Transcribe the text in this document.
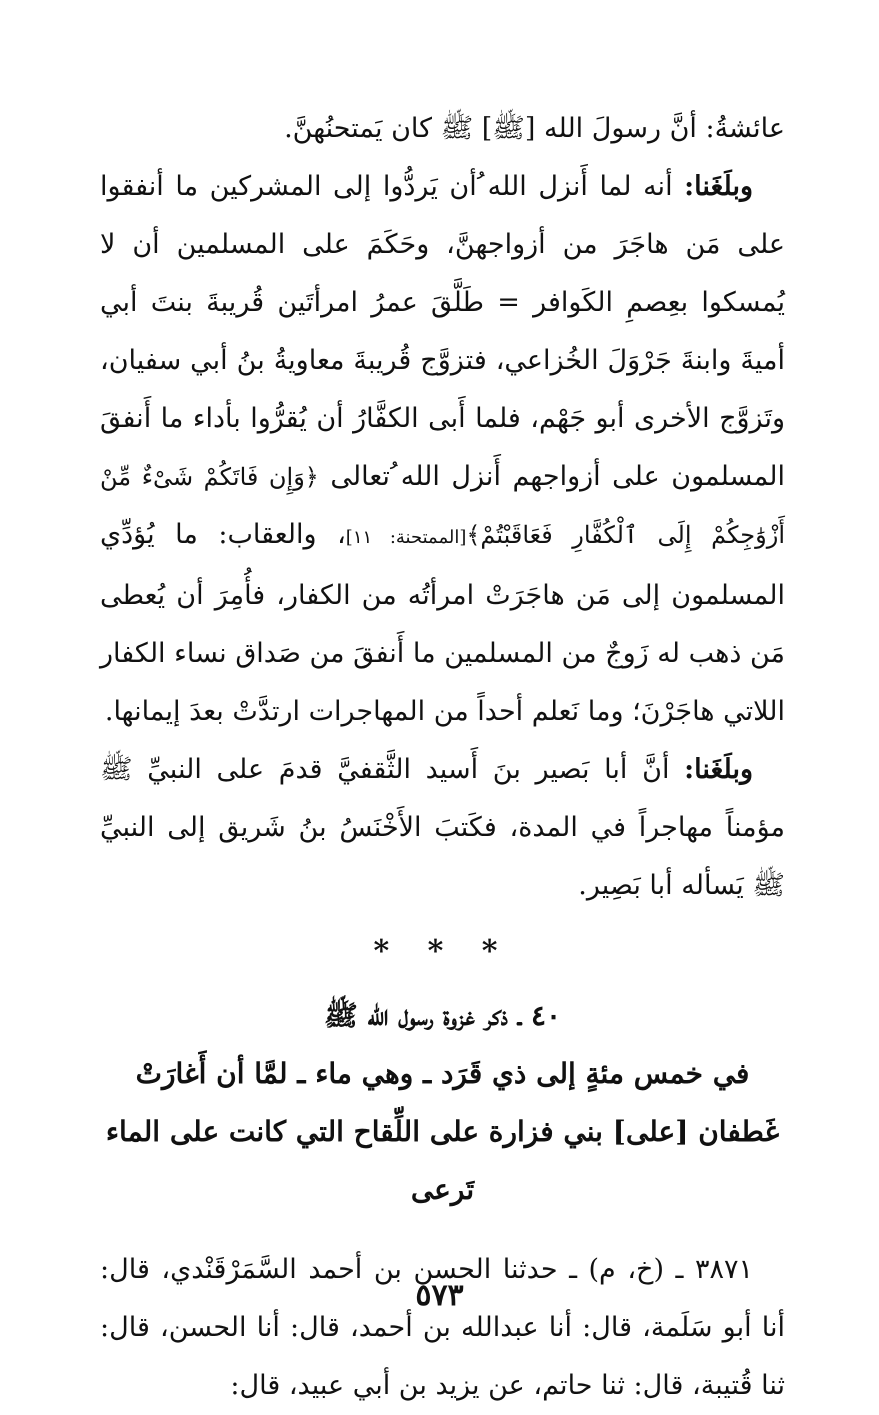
عائشةُ: أنَّ رسولَ الله [ﷺ] ﷺ كان يَمتحنُهنَّ.

وبلَغَنا: أنه لما أَنزل الله ُأن يَردُّوا إلى المشركين ما أنفقوا على مَن هاجَرَ من أزواجهنَّ، وحَكَمَ على المسلمين أن لا يُمسكوا بعِصمِ الكَوافر = طَلَّقَ عمرُ امرأتَين قُريبةَ بنتَ أبي أميةَ وابنةَ جَرْوَلَ الخُزاعي، فتزوَّج قُريبةَ معاويةُ بنُ أبي سفيان، وتَزوَّج الأخرى أبو جَهْم، فلما أَبى الكفَّارُ أن يُقرُّوا بأداء ما أَنفقَ المسلمون على أزواجهم أَنزل الله ُتعالى ﴿وَإِن فَاتَكُمْ شَىْءٌ مِّنْ أَزْوَٰجِكُمْ إِلَى ٱلْكُفَّارِ فَعَاقَبْتُمْ﴾[الممتحنة: ١١]، والعقاب: ما يُؤدِّي المسلمون إلى مَن هاجَرَتْ امرأتُه من الكفار، فأُمِرَ أن يُعطى مَن ذهب له زَوجٌ من المسلمين ما أَنفقَ من صَداق نساء الكفار اللاتي هاجَرْنَ؛ وما نَعلم أحداً من المهاجرات ارتدَّتْ بعدَ إيمانها.

وبلَغَنا: أنَّ أبا بَصير بنَ أَسيد الثَّقفيَّ قدمَ على النبيِّ ﷺ مؤمناً مهاجراً في المدة، فكَتبَ الأَخْنَسُ بنُ شَريق إلى النبيِّ ﷺ يَسأله أبا بَصِير.

* * *
٤٠ ـ ذكر غزوة رسول الله ﷺ
في خمس مئةٍ إلى ذي قَرَد ـ وهي ماء ـ لمَّا أن أَغارَتْ
غَطفان [على] بني فزارة على اللِّقاح التي كانت على الماء تَرعى

٣٨٧١ ـ (خ، م) ـ حدثنا الحسن بن أحمد السَّمَرْقَنْدي، قال: أنا أبو سَلَمة، قال: أنا عبدالله بن أحمد، قال: أنا الحسن، قال: ثنا قُتيبة، قال: ثنا حاتم، عن يزيد بن أبي عبيد، قال:

٥٧٣
